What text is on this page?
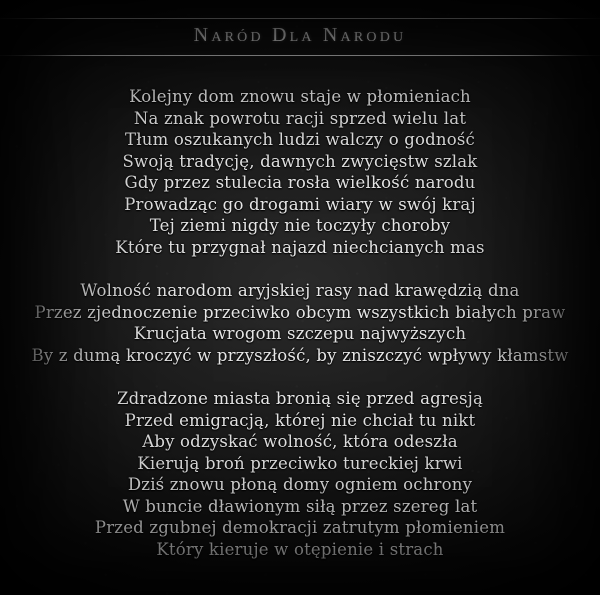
Naród Dla Narodu
Kolejny dom znowu staje w płomieniach
Na znak powrotu racji sprzed wielu lat
Tłum oszukanych ludzi walczy o godność
Swoją tradycję, dawnych zwycięstw szlak
Gdy przez stulecia rosła wielkość narodu
Prowadząc go drogami wiary w swój kraj
Tej ziemi nigdy nie toczyły choroby
Które tu przygnał najazd niechcianych mas
Wolność narodom aryjskiej rasy nad krawędzią dna
Przez zjednoczenie przeciwko obcym wszystkich białych praw
Krucjata wrogom szczepu najwyższych
By z dumą kroczyć w przyszłość, by zniszczyć wpływy kłamstw
Zdradzone miasta bronią się przed agresją
Przed emigracją, której nie chciał tu nikt
Aby odzyskać wolność, która odeszła
Kierują broń przeciwko tureckiej krwi
Dziś znowu płoną domy ogniem ochrony
W buncie dławionym siłą przez szereg lat
Przed zgubnej demokracji zatrutym płomieniem
Który kieruje w otępienie i strach
